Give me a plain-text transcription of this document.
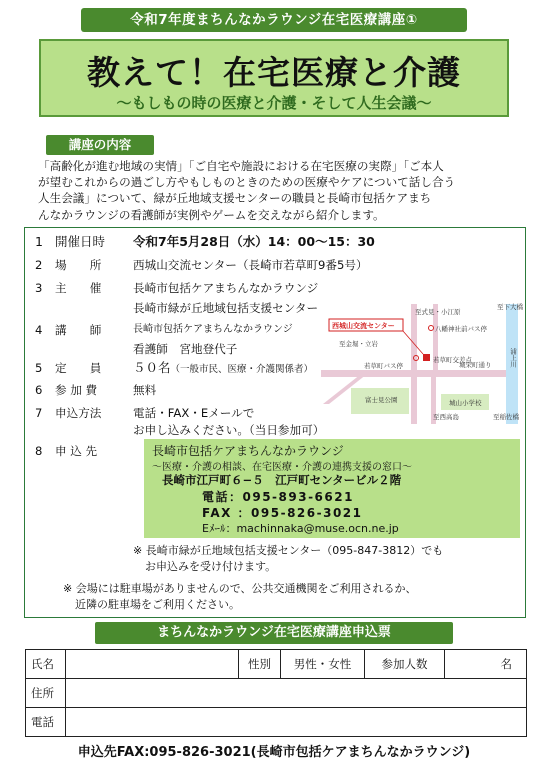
令和7年度まちんなかラウンジ在宅医療講座①
教えて！在宅医療と介護
〜もしもの時の医療と介護・そして人生会議〜
講座の内容
「高齢化が進む地域の実情」「ご自宅や施設における在宅医療の実際」「ご本人
が望むこれからの過ごし方やもしものときのための医療やケアについて話し合う
人生会議」について、緑が丘地域支援センターの職員と長崎市包括ケアまち
んなかラウンジの看護師が実例やゲームを交えながら紹介します。
1 開催日時	令和7年5月28日（水）14：00〜15：30
2	場　　所	西城山交流センター（長崎市若草町9番5号）
3	主　　催	長崎市包括ケアまちんなかラウンジ
長崎市緑が丘地域包括支援センター
4	講　　師	長崎市包括ケアまちんなかラウンジ
看護師　宮地登代子
5	定　　員	５０名（一般市民、医療・介護関係者）
6	参 加 費	無料
7	申込方法	電話・FAX・Eメールで
お申し込みください。（当日参加可）
8	申 込 先	長崎市包括ケアまちんなかラウンジ
〜医療・介護の相談、在宅医療・介護の連携支援の窓口〜
長崎市江戸町６−５　江戸町センタービル２階
電話：095-893-6621
FAX ：095-826-3021
Eﾒｰﾙ：machinnaka@muse.ocn.ne.jp
※ 長崎市緑が丘地域包括支援センター（095-847-3812）でも
お申込みを受け付けます。
※ 会場には駐車場がありませんので、公共交通機関をご利用されるか、
近隣の駐車場をご利用ください。
西城山交流センター
至式見・小江原
至下大橋
八幡神社前バス停
至金堀・立岩
若草町バス停
若草町交差点
城栄町通り	浦上川
富士見公園	城山小学校
至西高島	至稲佐橋
まちんなかラウンジ在宅医療講座申込票
氏名		性別	男性・女性	参加人数	名
住所					
電話					
申込先FAX:095-826-3021(長崎市包括ケアまちんなかラウンジ)
